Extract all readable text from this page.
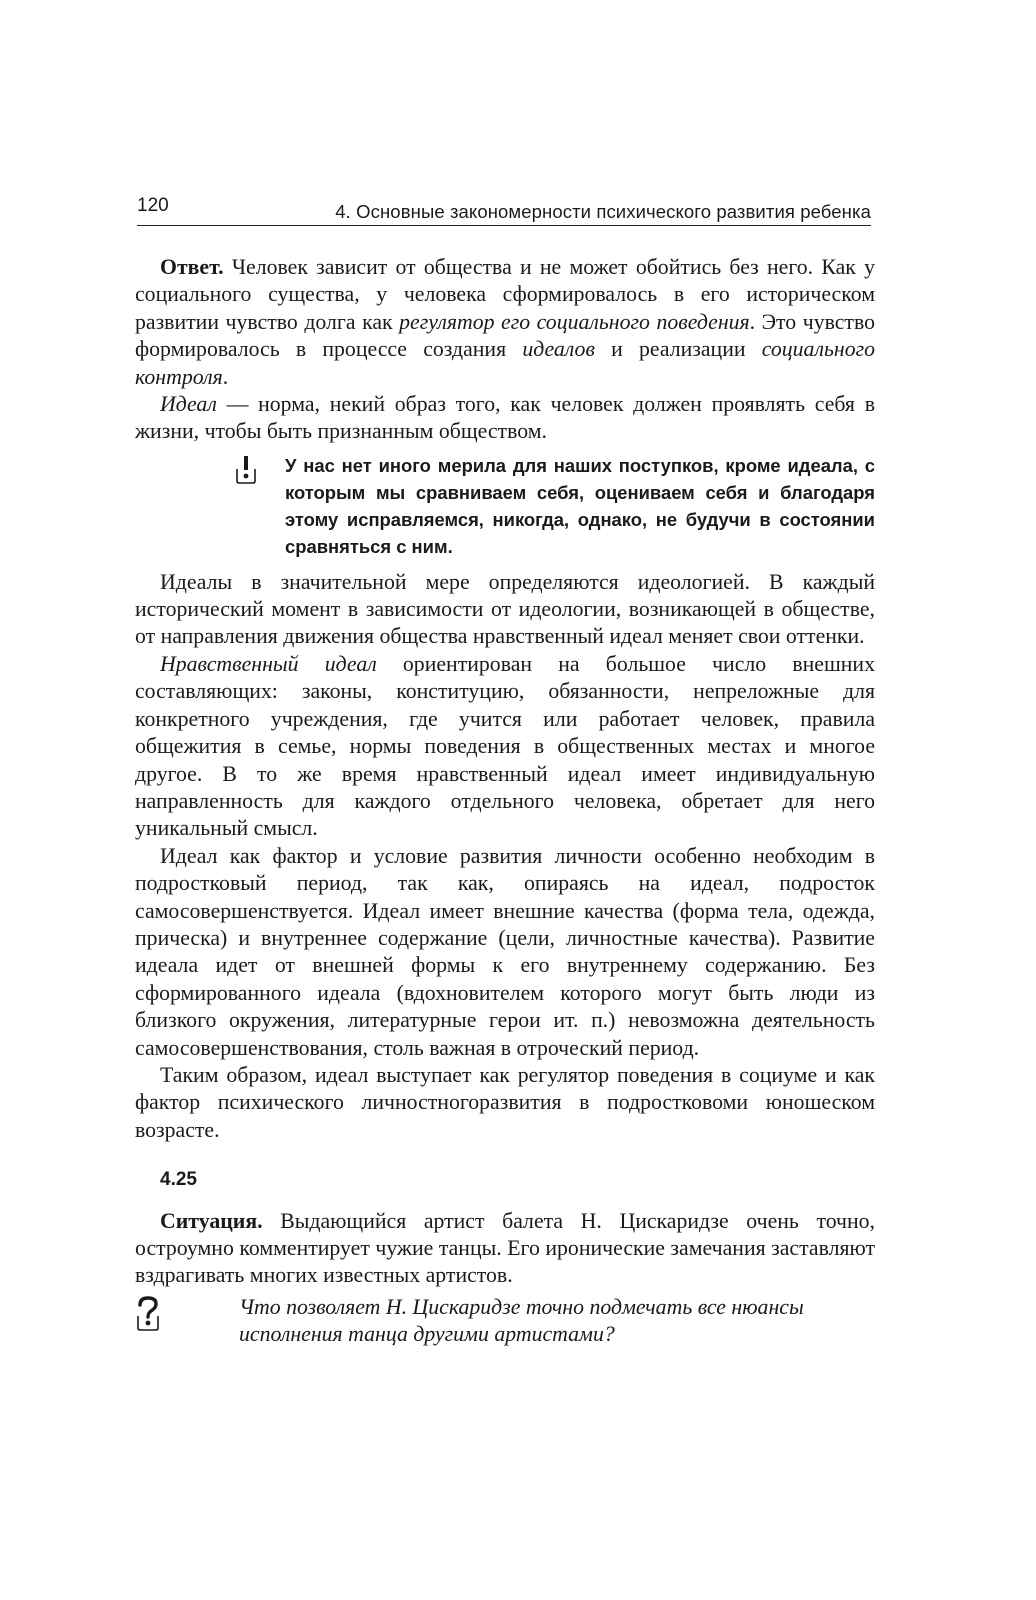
120	4. Основные закономерности психического развития ребенка

Ответ. Человек зависит от общества и не может обойтись без него. Как у социального существа, у человека сформировалось в его историческом развитии чувство долга как регулятор его социального поведения. Это чувство формировалось в процессе создания идеалов и реализации социального контроля.

Идеал — норма, некий образ того, как человек должен проявлять себя в жизни, чтобы быть признанным обществом.

У нас нет иного мерила для наших поступков, кроме идеала, с которым мы сравниваем себя, оцениваем себя и благодаря этому исправляемся, никогда, однако, не будучи в состоянии сравняться с ним.

Идеалы в значительной мере определяются идеологией. В каждый исторический момент в зависимости от идеологии, возникающей в обществе, от направления движения общества нравственный идеал меняет свои оттенки.

Нравственный идеал ориентирован на большое число внешних составляющих: законы, конституцию, обязанности, непреложные для конкретного учреждения, где учится или работает человек, правила общежития в семье, нормы поведения в общественных местах и многое другое. В то же время нравственный идеал имеет индивидуальную направленность для каждого отдельного человека, обретает для него уникальный смысл.

Идеал как фактор и условие развития личности особенно необходим в подростковый период, так как, опираясь на идеал, подросток самосовершенствуется. Идеал имеет внешние качества (форма тела, одежда, прическа) и внутреннее содержание (цели, личностные качества). Развитие идеала идет от внешней формы к его внутреннему содержанию. Без сформированного идеала (вдохновителем которого могут быть люди из близкого окружения, литературные герои ит. п.) невозможна деятельность самосовершенствования, столь важная в отроческий период.

Таким образом, идеал выступает как регулятор поведения в социуме и как фактор психического личностногоразвития в подростковоми юношеском возрасте.

4.25

Ситуация. Выдающийся артист балета Н. Цискаридзе очень точно, остроумно комментирует чужие танцы. Его иронические замечания заставляют вздрагивать многих известных артистов.

Что позволяет Н. Цискаридзе точно подмечать все нюансы исполнения танца другими артистами?
